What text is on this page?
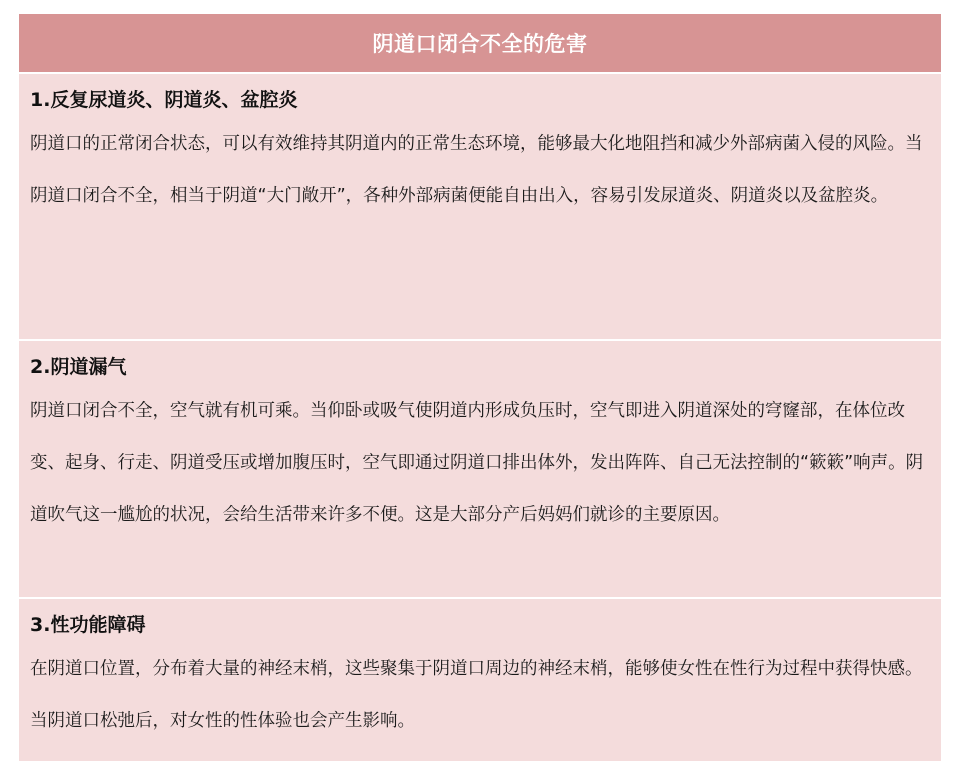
阴道口闭合不全的危害
1.反复尿道炎、阴道炎、盆腔炎
阴道口的正常闭合状态，可以有效维持其阴道内的正常生态环境，能够最大化地阻挡和减少外部病菌入侵的风险。当阴道口闭合不全，相当于阴道“大门敞开”，各种外部病菌便能自由出入，容易引发尿道炎、阴道炎以及盆腔炎。
2.阴道漏气
阴道口闭合不全，空气就有机可乘。当仰卧或吸气使阴道内形成负压时，空气即进入阴道深处的穹窿部，在体位改变、起身、行走、阴道受压或增加腹压时，空气即通过阴道口排出体外，发出阵阵、自己无法控制的“簌簌”响声。阴道吹气这一尴尬的状况，会给生活带来许多不便。这是大部分产后妈妈们就诊的主要原因。
3.性功能障碍
在阴道口位置，分布着大量的神经末梢，这些聚集于阴道口周边的神经末梢，能够使女性在性行为过程中获得快感。当阴道口松弛后，对女性的性体验也会产生影响。
